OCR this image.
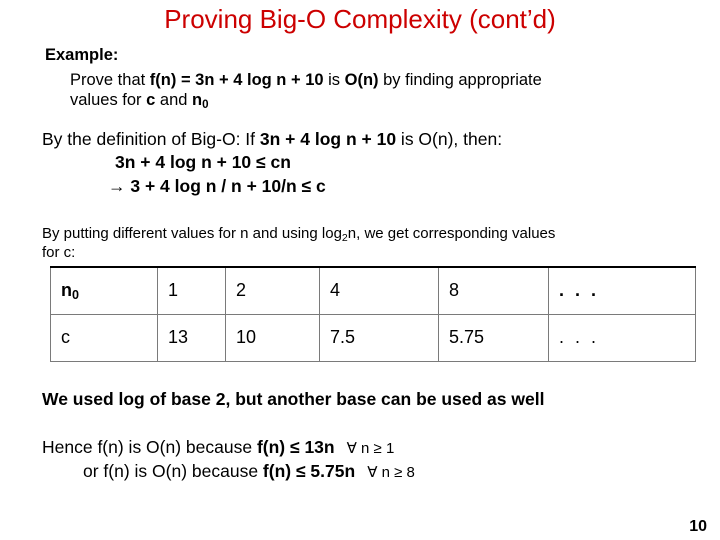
Proving Big-O Complexity (cont’d)
Example:
Prove that f(n) = 3n + 4 log n + 10 is O(n) by finding appropriate
values for c and $n_0$
By the definition of Big-O: If 3n + 4 log n + 10 is O(n), then:
3n + 4 log n + 10 ≤ cn
→ 3 + 4 log n / n + 10/n ≤ c
By putting different values for n and using $\log_2n$, we get corresponding values
for c:
$n_0$	1	2	4	8	. . .
c	13	10	7.5	5.75	. . .
We used log of base 2, but another base can be used as well
Hence f(n) is O(n) because f(n) ≤ 13n ∀ n ≥ 1
or f(n) is O(n) because f(n) ≤ 5.75n ∀ n ≥ 8
10
